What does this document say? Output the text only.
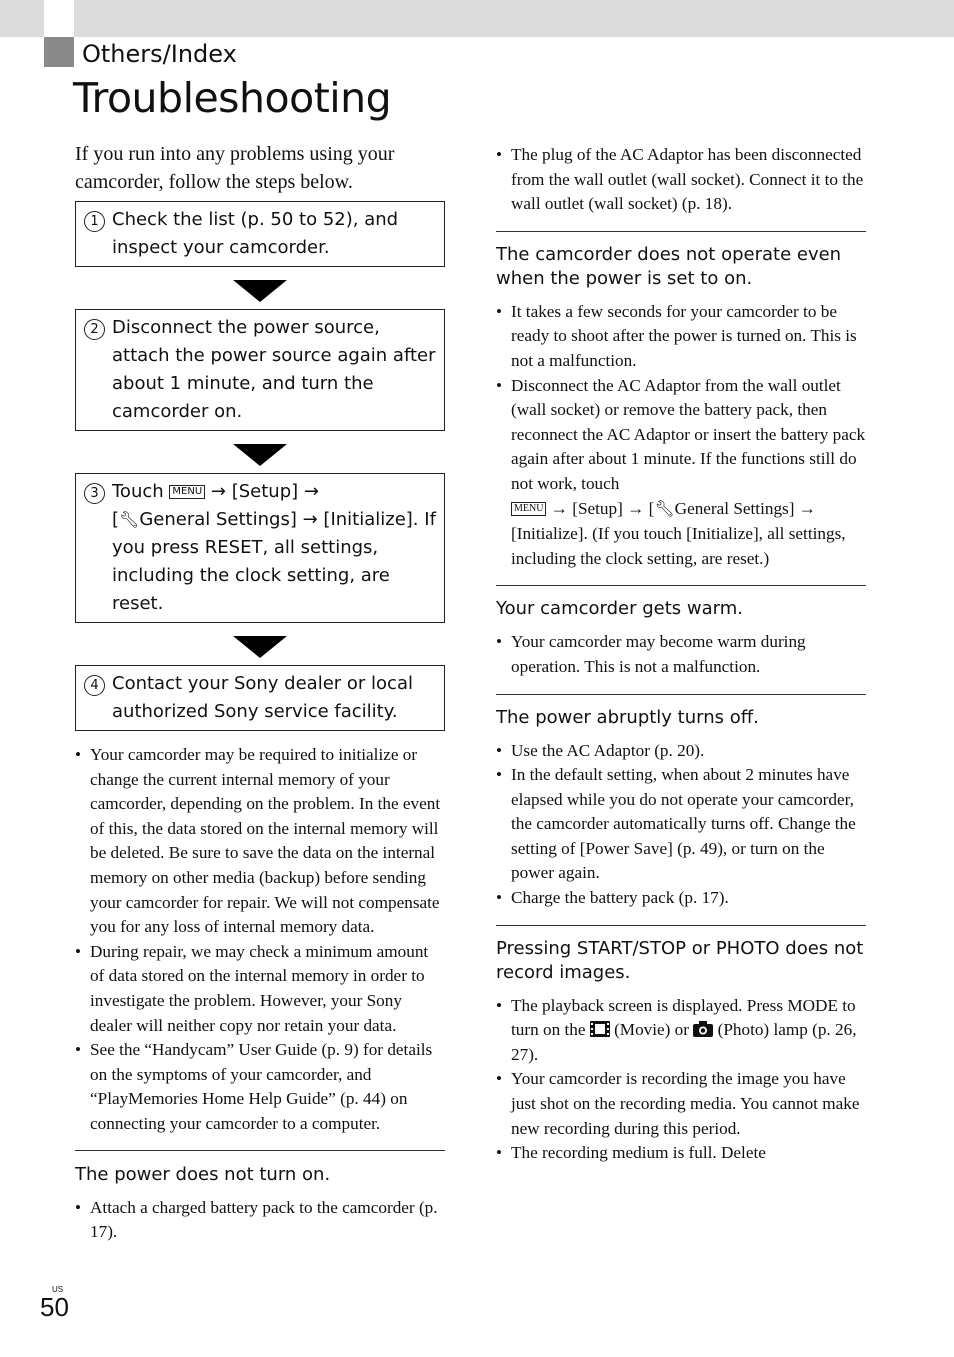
Others/Index
Troubleshooting

If you run into any problems using your camcorder, follow the steps below.

1 Check the list (p. 50 to 52), and inspect your camcorder.
2 Disconnect the power source, attach the power source again after about 1 minute, and turn the camcorder on.
3 Touch MENU → [Setup] →
[🔧︎General Settings] → [Initialize]. If you press RESET, all settings, including the clock setting, are reset.
4 Contact your Sony dealer or local authorized Sony service facility.
• Your camcorder may be required to initialize or change the current internal memory of your camcorder, depending on the problem. In the event of this, the data stored on the internal memory will be deleted. Be sure to save the data on the internal memory on other media (backup) before sending your camcorder for repair. We will not compensate you for any loss of internal memory data.
• During repair, we may check a minimum amount of data stored on the internal memory in order to investigate the problem. However, your Sony dealer will neither copy nor retain your data.
• See the “Handycam” User Guide (p. 9) for details on the symptoms of your camcorder, and “PlayMemories Home Help Guide” (p. 44) on connecting your camcorder to a computer.

The power does not turn on.

• Attach a charged battery pack to the camcorder (p. 17).
• The plug of the AC Adaptor has been disconnected from the wall outlet (wall socket). Connect it to the wall outlet (wall socket) (p. 18).

The camcorder does not operate even when the power is set to on.

• It takes a few seconds for your camcorder to be ready to shoot after the power is turned on. This is not a malfunction.
• Disconnect the AC Adaptor from the wall outlet (wall socket) or remove the battery pack, then reconnect the AC Adaptor or insert the battery pack again after about 1 minute. If the functions still do not work, touch
MENU → [Setup] → [🔧︎General Settings] → [Initialize]. (If you touch [Initialize], all settings, including the clock setting, are reset.)

Your camcorder gets warm.

• Your camcorder may become warm during operation. This is not a malfunction.

The power abruptly turns off.

• Use the AC Adaptor (p. 20).
• In the default setting, when about 2 minutes have elapsed while you do not operate your camcorder, the camcorder automatically turns off. Change the setting of [Power Save] (p. 49), or turn on the power again.
• Charge the battery pack (p. 17).

Pressing START/STOP or PHOTO does not record images.

• The playback screen is displayed. Press MODE to turn on the (Movie) or (Photo) lamp (p. 26, 27).
• Your camcorder is recording the image you have just shot on the recording media. You cannot make new recording during this period.
• The recording medium is full. Delete
US
50
